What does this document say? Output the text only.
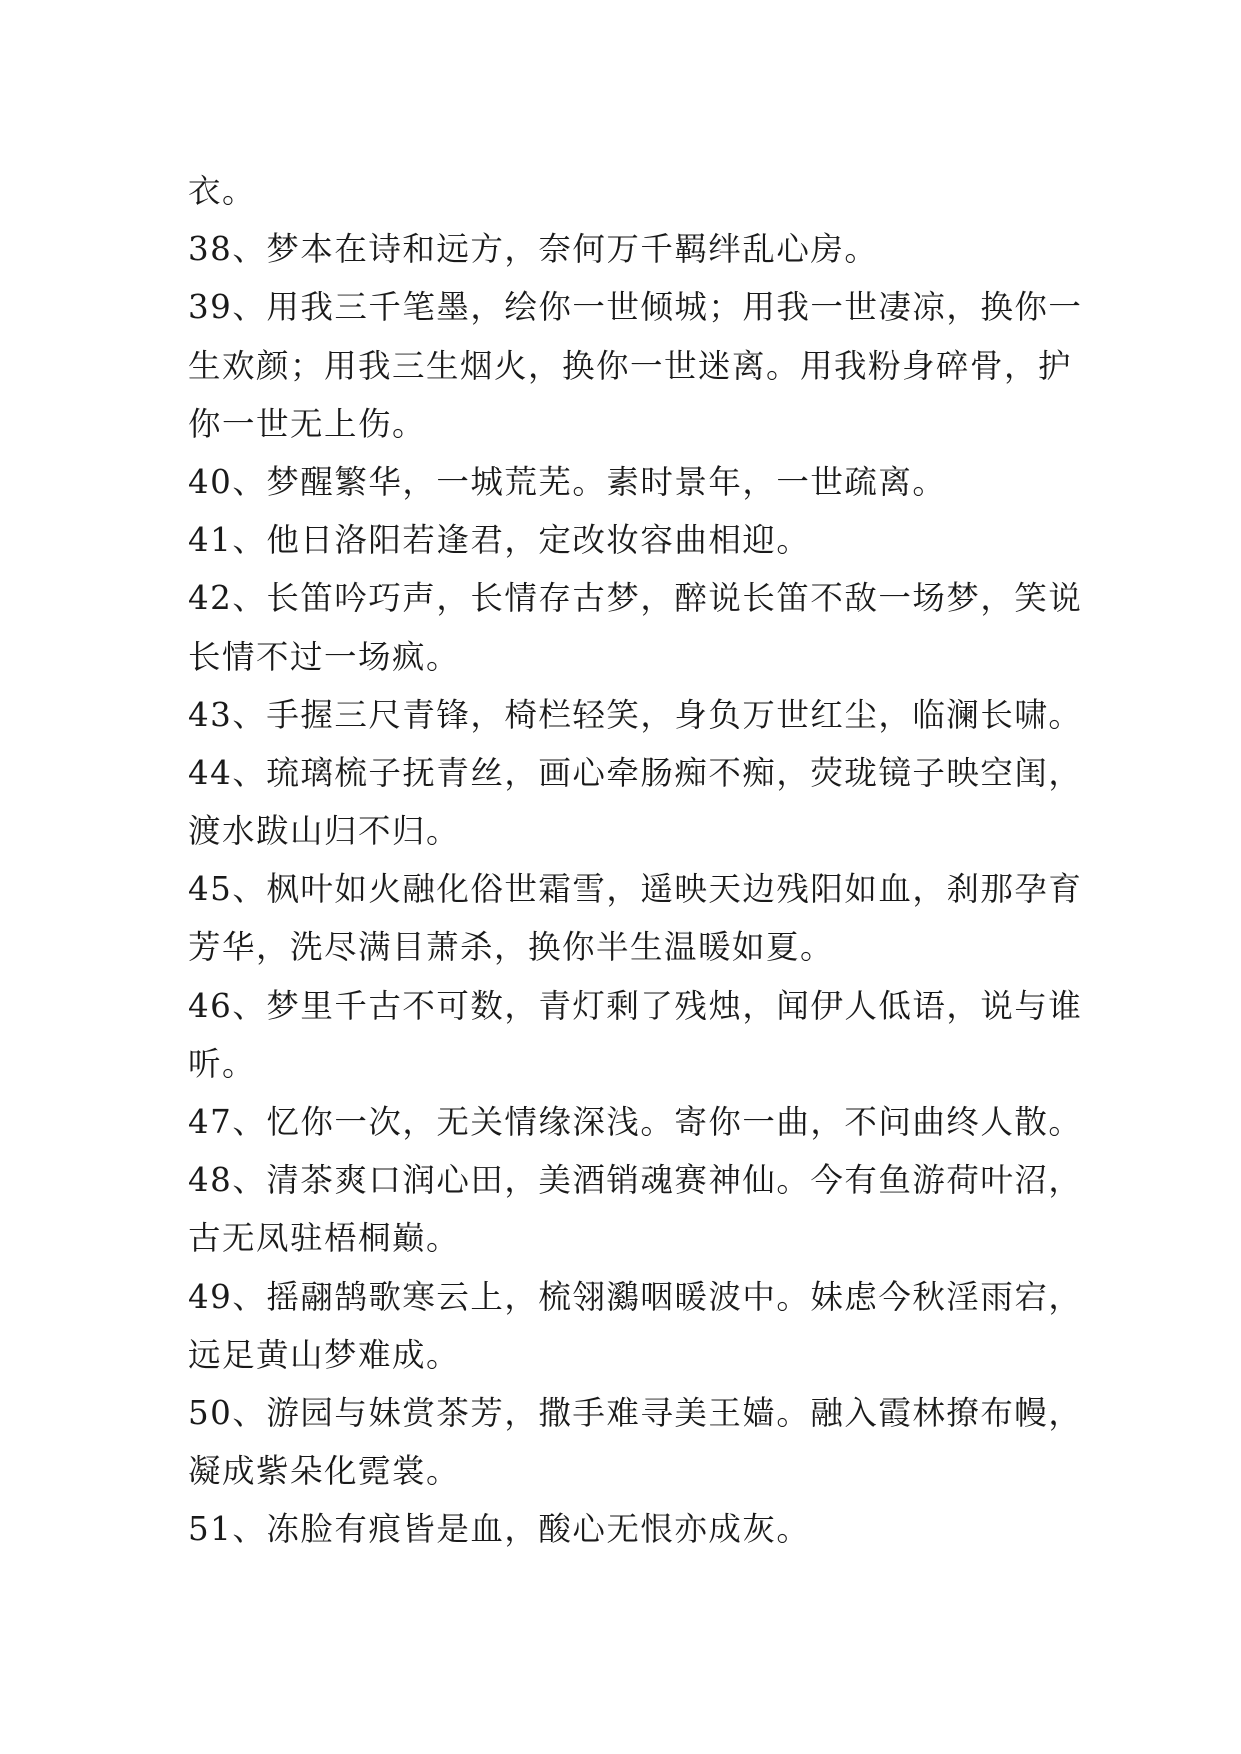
衣。
38、梦本在诗和远方，奈何万千羁绊乱心房。
39、用我三千笔墨，绘你一世倾城；用我一世凄凉，换你一
生欢颜；用我三生烟火，换你一世迷离。用我粉身碎骨，护
你一世无上伤。
40、梦醒繁华，一城荒芜。素时景年，一世疏离。
41、他日洛阳若逢君，定改妆容曲相迎。
42、长笛吟巧声，长情存古梦，醉说长笛不敌一场梦，笑说
长情不过一场疯。
43、手握三尺青锋，椅栏轻笑，身负万世红尘，临澜长啸。
44、琉璃梳子抚青丝，画心牵肠痴不痴，荧珑镜子映空闺，
渡水跋山归不归。
45、枫叶如火融化俗世霜雪，遥映天边残阳如血，刹那孕育
芳华，洗尽满目萧杀，换你半生温暖如夏。
46、梦里千古不可数，青灯剩了残烛，闻伊人低语，说与谁
听。
47、忆你一次，无关情缘深浅。寄你一曲，不问曲终人散。
48、清茶爽口润心田，美酒销魂赛神仙。今有鱼游荷叶沼，
古无凤驻梧桐巅。
49、摇翮鹄歌寒云上，梳翎鸂咽暖波中。妹虑今秋淫雨宕，
远足黄山梦难成。
50、游园与妹赏茶芳，撒手难寻美王嫱。融入霞林撩布幔，
凝成紫朵化霓裳。
51、冻脸有痕皆是血，酸心无恨亦成灰。
